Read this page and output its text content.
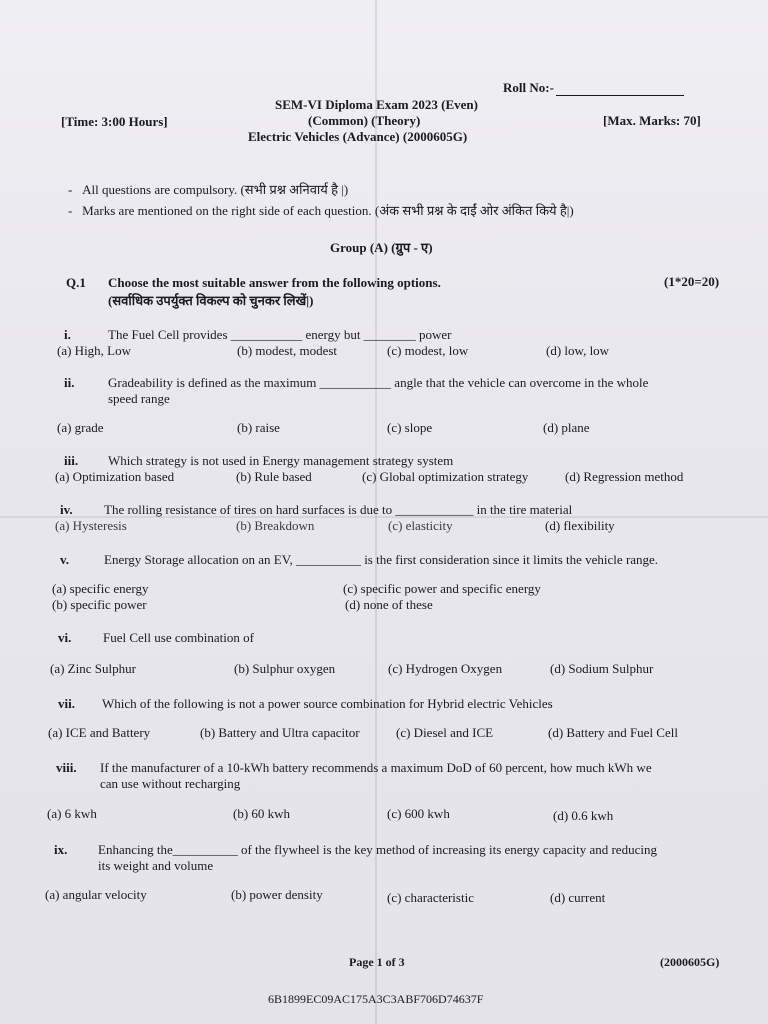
Roll No:-
SEM-VI Diploma Exam 2023 (Even)
[Time: 3:00 Hours]	(Common) (Theory)	[Max. Marks: 70]
Electric Vehicles (Advance) (2000605G)
-   All questions are compulsory. (सभी प्रश्न अनिवार्य है |)
-   Marks are mentioned on the right side of each question. (अंक सभी प्रश्न के दाईं ओर अंकित किये है|)
Group (A) (ग्रुप - ए)
Q.1 Choose the most suitable answer from the following options.	(1*20=20)
(सर्वाधिक उपर्युक्त विकल्प को चुनकर लिखें|)
i.	The Fuel Cell provides ___________ energy but ________ power
(a) High, Low	(b) modest, modest	(c) modest, low	(d) low, low
ii.	Gradeability is defined as the maximum ___________ angle that the vehicle can overcome in the whole
speed range
(a) grade	(b) raise	(c) slope	(d) plane
iii. Which strategy is not used in Energy management strategy system
(a) Optimization based	(b) Rule based	(c) Global optimization strategy	(d) Regression method
iv. The rolling resistance of tires on hard surfaces is due to ____________ in the tire material
(a) Hysteresis	(b) Breakdown	(c) elasticity	(d) flexibility
v.	Energy Storage allocation on an EV, __________ is the first consideration since it limits the vehicle range.
(a) specific energy	(c) specific power and specific energy
(b) specific power	(d) none of these
vi. Fuel Cell use combination of
(a) Zinc Sulphur	(b) Sulphur oxygen	(c) Hydrogen Oxygen	(d) Sodium Sulphur
vii. Which of the following is not a power source combination for Hybrid electric Vehicles
(a) ICE and Battery	(b) Battery and Ultra capacitor	(c) Diesel and ICE	(d) Battery and Fuel Cell
viii. If the manufacturer of a 10-kWh battery recommends a maximum DoD of 60 percent, how much kWh we
can use without recharging
(a) 6 kwh	(b) 60 kwh	(c) 600 kwh	(d) 0.6 kwh
ix. Enhancing the__________ of the flywheel is the key method of increasing its energy capacity and reducing
its weight and volume
(a) angular velocity	(b) power density	(c) characteristic	(d) current
Page 1 of 3	(2000605G)
6B1899EC09AC175A3C3ABF706D74637F
